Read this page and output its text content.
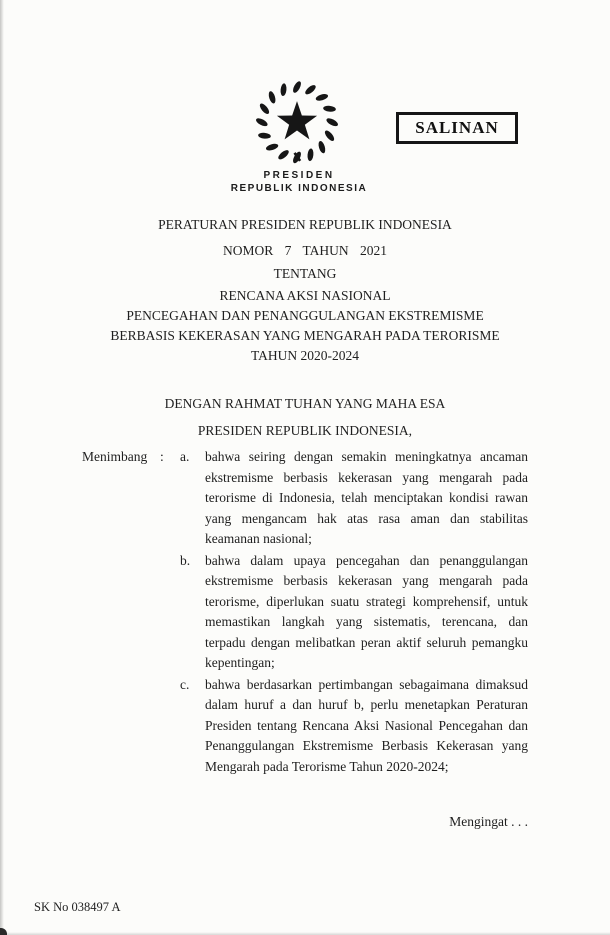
SALINAN
PRESIDEN
REPUBLIK INDONESIA
PERATURAN PRESIDEN REPUBLIK INDONESIA
NOMOR 7 TAHUN 2021
TENTANG
RENCANA AKSI NASIONAL
PENCEGAHAN DAN PENANGGULANGAN EKSTREMISME
BERBASIS KEKERASAN YANG MENGARAH PADA TERORISME
TAHUN 2020-2024
DENGAN RAHMAT TUHAN YANG MAHA ESA
PRESIDEN REPUBLIK INDONESIA,
Menimbang :	a.	bahwa seiring dengan semakin meningkatnya ancaman ekstremisme berbasis kekerasan yang mengarah pada terorisme di Indonesia, telah menciptakan kondisi rawan yang mengancam hak atas rasa aman dan stabilitas keamanan nasional;
b.	bahwa dalam upaya pencegahan dan penanggulangan ekstremisme berbasis kekerasan yang mengarah pada terorisme, diperlukan suatu strategi komprehensif, untuk memastikan langkah yang sistematis, terencana, dan terpadu dengan melibatkan peran aktif seluruh pemangku kepentingan;
c.	bahwa berdasarkan pertimbangan sebagaimana dimaksud dalam huruf a dan huruf b, perlu menetapkan Peraturan Presiden tentang Rencana Aksi Nasional Pencegahan dan Penanggulangan Ekstremisme Berbasis Kekerasan yang Mengarah pada Terorisme Tahun 2020-2024;
Mengingat . . .
SK No 038497 A
